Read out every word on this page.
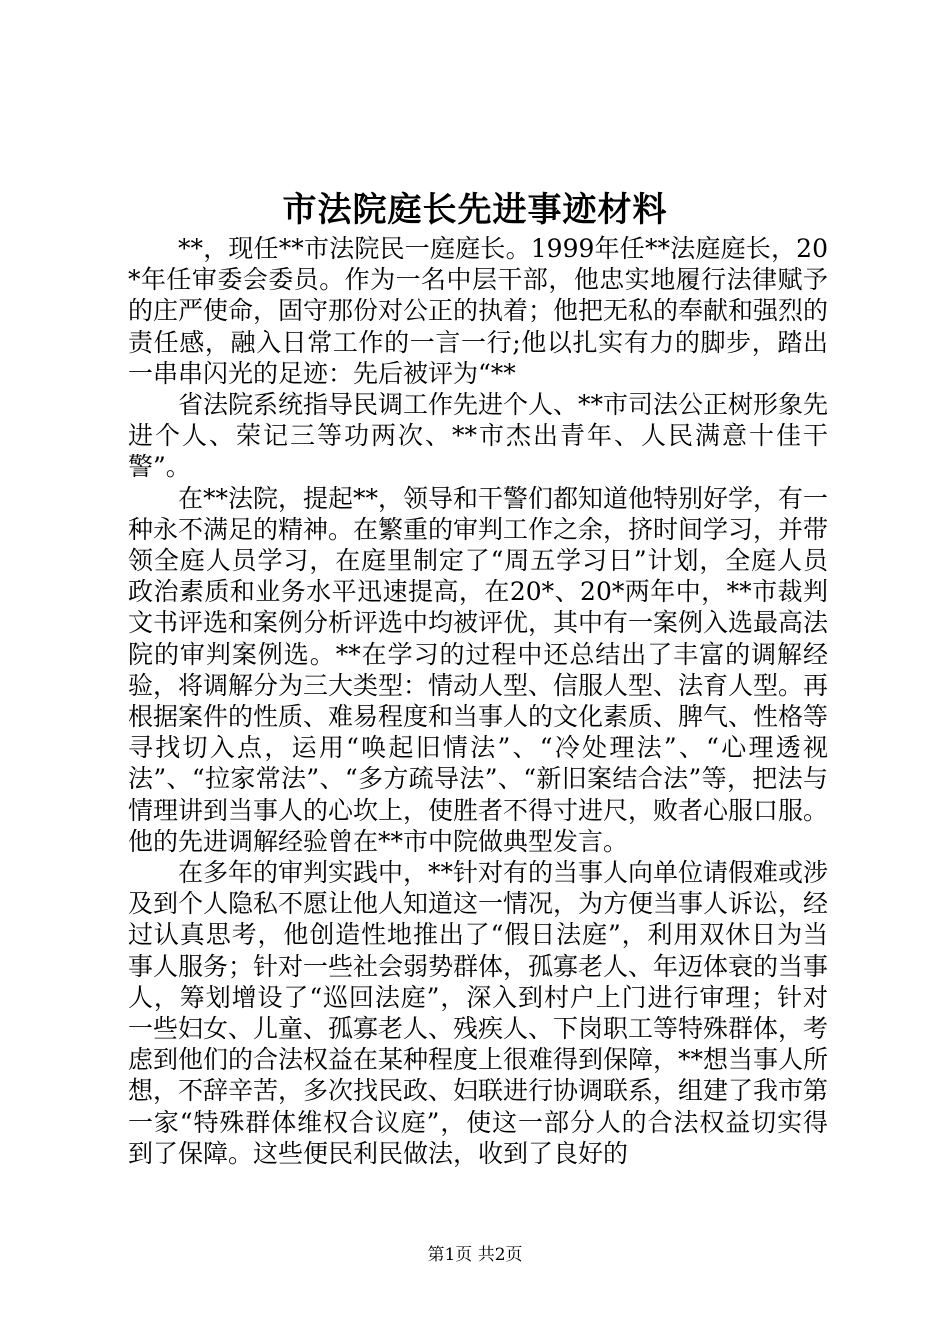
市法院庭长先进事迹材料

**，现任**市法院民一庭庭长。1999年任**法庭庭长，20*年任审委会委员。作为一名中层干部，他忠实地履行法律赋予的庄严使命，固守那份对公正的执着；他把无私的奉献和强烈的责任感，融入日常工作的一言一行;他以扎实有力的脚步，踏出一串串闪光的足迹：先后被评为“**

省法院系统指导民调工作先进个人、**市司法公正树形象先进个人、荣记三等功两次、**市杰出青年、人民满意十佳干警”。

在**法院，提起**，领导和干警们都知道他特别好学，有一种永不满足的精神。在繁重的审判工作之余，挤时间学习，并带领全庭人员学习，在庭里制定了“周五学习日”计划，全庭人员政治素质和业务水平迅速提高，在20*、20*两年中，**市裁判文书评选和案例分析评选中均被评优，其中有一案例入选最高法院的审判案例选。**在学习的过程中还总结出了丰富的调解经验，将调解分为三大类型：情动人型、信服人型、法育人型。再根据案件的性质、难易程度和当事人的文化素质、脾气、性格等寻找切入点，运用“唤起旧情法”、“冷处理法”、“心理透视法”、“拉家常法”、“多方疏导法”、“新旧案结合法”等，把法与情理讲到当事人的心坎上，使胜者不得寸进尺，败者心服口服。他的先进调解经验曾在**市中院做典型发言。

在多年的审判实践中，**针对有的当事人向单位请假难或涉及到个人隐私不愿让他人知道这一情况，为方便当事人诉讼，经过认真思考，他创造性地推出了“假日法庭”，利用双休日为当事人服务；针对一些社会弱势群体，孤寡老人、年迈体衰的当事人，筹划增设了“巡回法庭”，深入到村户上门进行审理；针对一些妇女、儿童、孤寡老人、残疾人、下岗职工等特殊群体，考虑到他们的合法权益在某种程度上很难得到保障，**想当事人所想，不辞辛苦，多次找民政、妇联进行协调联系，组建了我市第一家“特殊群体维权合议庭”，使这一部分人的合法权益切实得到了保障。这些便民利民做法，收到了良好的

第1页 共2页
